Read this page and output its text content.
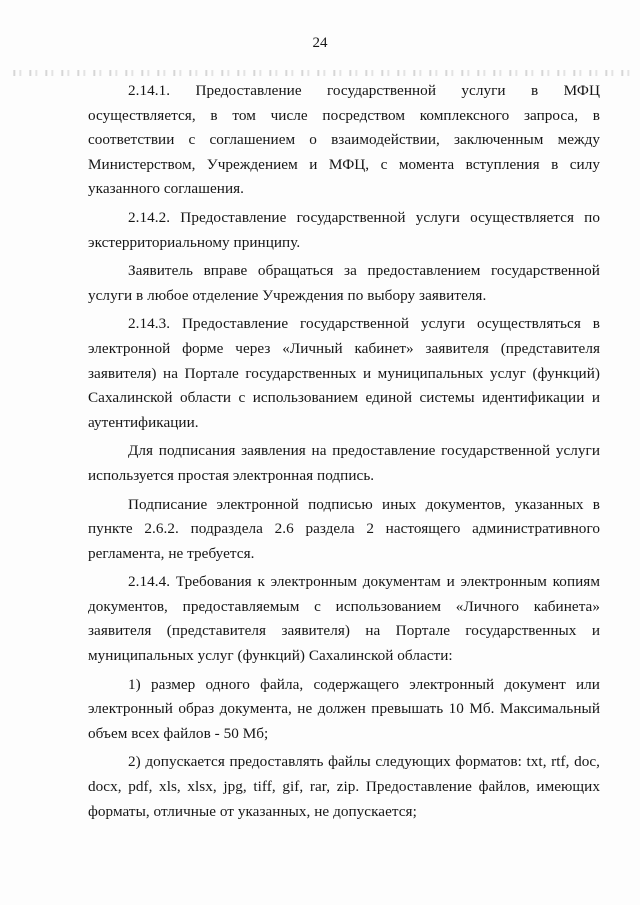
24

2.14.1. Предоставление государственной услуги в МФЦ осуществляется, в том числе посредством комплексного запроса, в соответствии с соглашением о взаимодействии, заключенным между Министерством, Учреждением и МФЦ, с момента вступления в силу указанного соглашения.

2.14.2. Предоставление государственной услуги осуществляется по экстерриториальному принципу.

Заявитель вправе обращаться за предоставлением государственной услуги в любое отделение Учреждения по выбору заявителя.

2.14.3. Предоставление государственной услуги осуществляться в электронной форме через «Личный кабинет» заявителя (представителя заявителя) на Портале государственных и муниципальных услуг (функций) Сахалинской области с использованием единой системы идентификации и аутентификации.

Для подписания заявления на предоставление государственной услуги используется простая электронная подпись.

Подписание электронной подписью иных документов, указанных в пункте 2.6.2. подраздела 2.6 раздела 2 настоящего административного регламента, не требуется.

2.14.4. Требования к электронным документам и электронным копиям документов, предоставляемым с использованием «Личного кабинета» заявителя (представителя заявителя) на Портале государственных и муниципальных услуг (функций) Сахалинской области:

1) размер одного файла, содержащего электронный документ или электронный образ документа, не должен превышать 10 Мб. Максимальный объем всех файлов - 50 Мб;

2) допускается предоставлять файлы следующих форматов: txt, rtf, doc, docx, pdf, xls, xlsx, jpg, tiff, gif, rar, zip. Предоставление файлов, имеющих форматы, отличные от указанных, не допускается;
